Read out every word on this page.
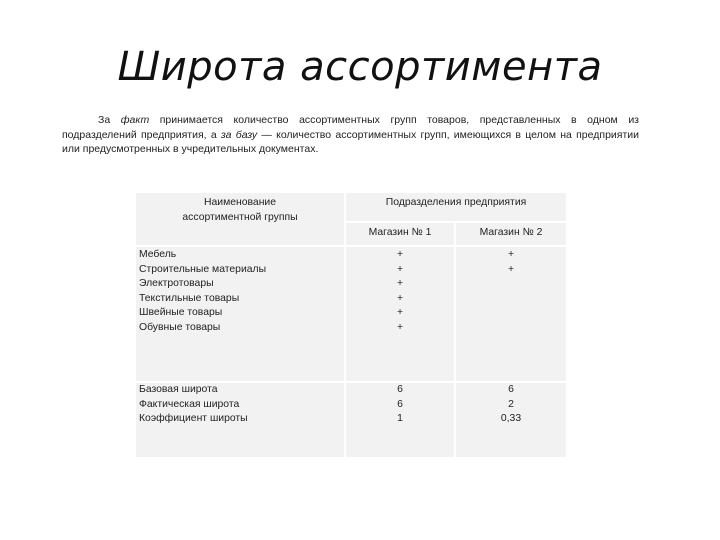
Широта ассортимента
За факт принимается количество ассортиментных групп товаров, представленных в одном из подразделений предприятия, а за базу — количество ассортиментных групп, имеющихся в целом на предприятии или предусмотренных в учредительных документах.
Наименование ассортиментной группы
Подразделения предприятия
Магазин № 1	Магазин № 2
Мебель
Строительные материалы
Электротовары
Текстильные товары
Швейные товары
Обувные товары
+
+
+
+
+
+
+
+
Базовая широта
Фактическая широта
Коэффициент широты
6
6
1
6
2
0,33
